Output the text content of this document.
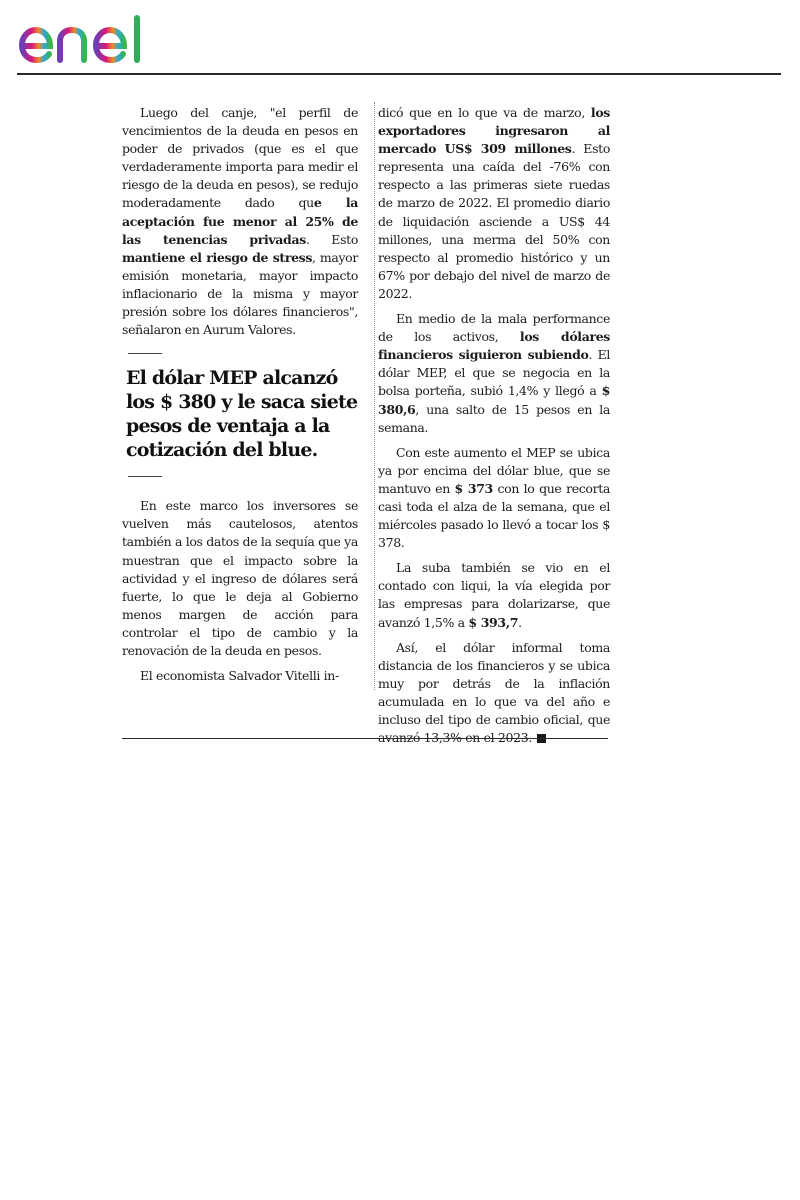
Luego del canje, "el perfil de vencimientos de la deuda en pesos en poder de privados (que es el que verdaderamente importa para medir el riesgo de la deuda en pesos), se redujo moderadamente dado que la aceptación fue menor al 25% de las tenencias privadas. Esto mantiene el riesgo de stress, mayor emisión monetaria, mayor impacto inflacionario de la misma y mayor presión sobre los dólares financieros", señalaron en Aurum Valores.

El dólar MEP alcanzó los $ 380 y le saca siete pesos de ventaja a la cotización del blue.

En este marco los inversores se vuelven más cautelosos, atentos también a los datos de la sequía que ya muestran que el impacto sobre la actividad y el ingreso de dólares será fuerte, lo que le deja al Gobierno menos margen de acción para controlar el tipo de cambio y la renovación de la deuda en pesos.

El economista Salvador Vitelli in-

dicó que en lo que va de marzo, los exportadores ingresaron al mercado US$ 309 millones. Esto representa una caída del -76% con respecto a las primeras siete ruedas de marzo de 2022. El promedio diario de liquidación asciende a US$ 44 millones, una merma del 50% con respecto al promedio histórico y un 67% por debajo del nivel de marzo de 2022.

En medio de la mala performance de los activos, los dólares financieros siguieron subiendo. El dólar MEP, el que se negocia en la bolsa porteña, subió 1,4% y llegó a $ 380,6, una salto de 15 pesos en la semana.

Con este aumento el MEP se ubica ya por encima del dólar blue, que se mantuvo en $ 373 con lo que recorta casi toda el alza de la semana, que el miércoles pasado lo llevó a tocar los $ 378.

La suba también se vio en el contado con liqui, la vía elegida por las empresas para dolarizarse, que avanzó 1,5% a $ 393,7.

Así, el dólar informal toma distancia de los financieros y se ubica muy por detrás de la inflación acumulada en lo que va del año e incluso del tipo de cambio oficial, que avanzó 13,3% en el 2023.
